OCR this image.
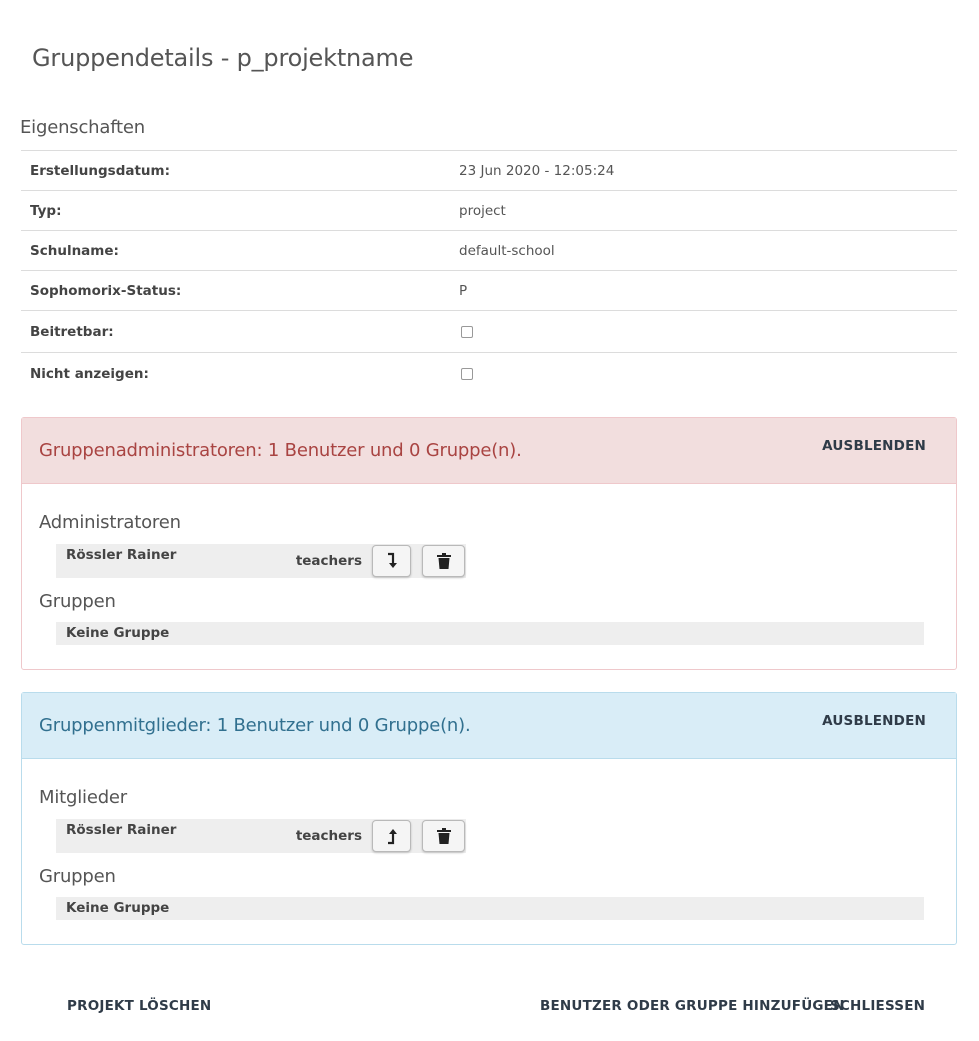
Gruppendetails - p_projektname
Eigenschaften
Erstellungsdatum:	23 Jun 2020 - 12:05:24
Typ:	project
Schulname:	default-school
Sophomorix-Status:	P
Beitretbar:
Nicht anzeigen:
Gruppenadministratoren: 1 Benutzer und 0 Gruppe(n).	AUSBLENDEN
Administratoren
Rössler Rainer	teachers
Gruppen
Keine Gruppe
Gruppenmitglieder: 1 Benutzer und 0 Gruppe(n).	AUSBLENDEN
Mitglieder
Rössler Rainer	teachers
Gruppen
Keine Gruppe
PROJEKT LÖSCHEN	BENUTZER ODER GRUPPE HINZUFÜGEN
SCHLIESSEN
